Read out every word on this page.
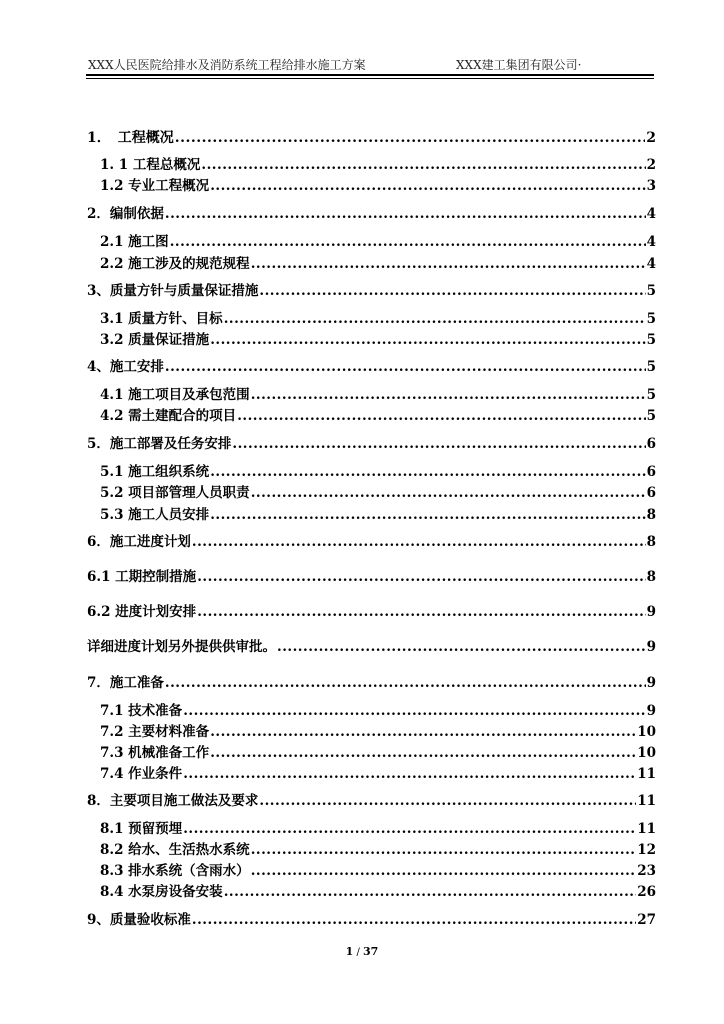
XXX人民医院给排水及消防系统工程给排水施工方案	XXX建工集团有限公司·
1．　工程概况 .....	2
1. 1 工程总概况 .....	2
1.2 专业工程概况 .....	3
2．编制依据 .....	4
2.1 施工图 .....	4
2.2 施工涉及的规范规程 .....	4
3、质量方针与质量保证措施 .....	5
3.1 质量方针、目标 .....	5
3.2 质量保证措施 .....	5
4、施工安排 .....	5
4.1 施工项目及承包范围 .....	5
4.2 需土建配合的项目 .....	5
5．施工部署及任务安排 .....	6
5.1 施工组织系统 .....	6
5.2 项目部管理人员职责 .....	6
5.3 施工人员安排 .....	8
6．施工进度计划 .....	8
6.1 工期控制措施 .....	8
6.2 进度计划安排 .....	9
详细进度计划另外提供供审批。 .....	9
7．施工准备 .....	9
7.1 技术准备 .....	9
7.2 主要材料准备 .....	10
7.3 机械准备工作 .....	10
7.4 作业条件 .....	11
8．主要项目施工做法及要求 .....	11
8.1 预留预埋 .....	11
8.2 给水、生活热水系统 .....	12
8.3 排水系统（含雨水） .....	23
8.4 水泵房设备安装 .....	26
9、质量验收标准 .....	27
1 / 37
